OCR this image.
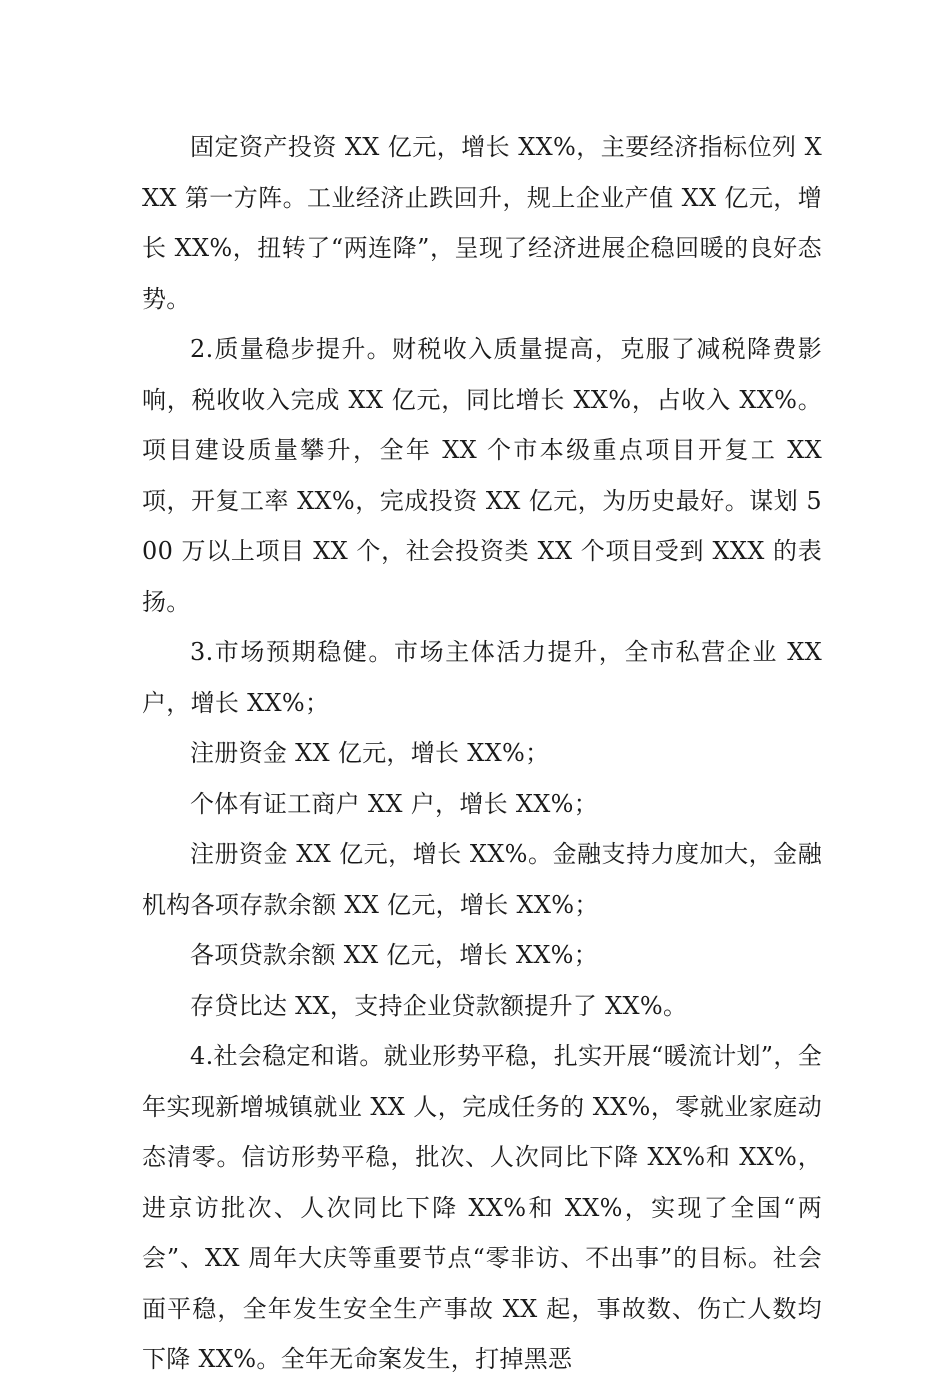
固定资产投资 XX 亿元，增长 XX%，主要经济指标位列 XXX 第一方阵。工业经济止跌回升，规上企业产值 XX 亿元，增长 XX%，扭转了“两连降”，呈现了经济进展企稳回暖的良好态势。

2.质量稳步提升。财税收入质量提高，克服了减税降费影响，税收收入完成 XX 亿元，同比增长 XX%，占收入 XX%。项目建设质量攀升，全年 XX 个市本级重点项目开复工 XX 项，开复工率 XX%，完成投资 XX 亿元，为历史最好。谋划 500 万以上项目 XX 个，社会投资类 XX 个项目受到 XXX 的表扬。

3.市场预期稳健。市场主体活力提升，全市私营企业 XX 户，增长 XX%；

注册资金 XX 亿元，增长 XX%；

个体有证工商户 XX 户，增长 XX%；

注册资金 XX 亿元，增长 XX%。金融支持力度加大，金融机构各项存款余额 XX 亿元，增长 XX%；

各项贷款余额 XX 亿元，增长 XX%；

存贷比达 XX，支持企业贷款额提升了 XX%。

4.社会稳定和谐。就业形势平稳，扎实开展“暖流计划”，全年实现新增城镇就业 XX 人，完成任务的 XX%，零就业家庭动态清零。信访形势平稳，批次、人次同比下降 XX%和 XX%，进京访批次、人次同比下降 XX%和 XX%，实现了全国“两会”、XX 周年大庆等重要节点“零非访、不出事”的目标。社会面平稳，全年发生安全生产事故 XX 起，事故数、伤亡人数均下降 XX%。全年无命案发生，打掉黑恶
